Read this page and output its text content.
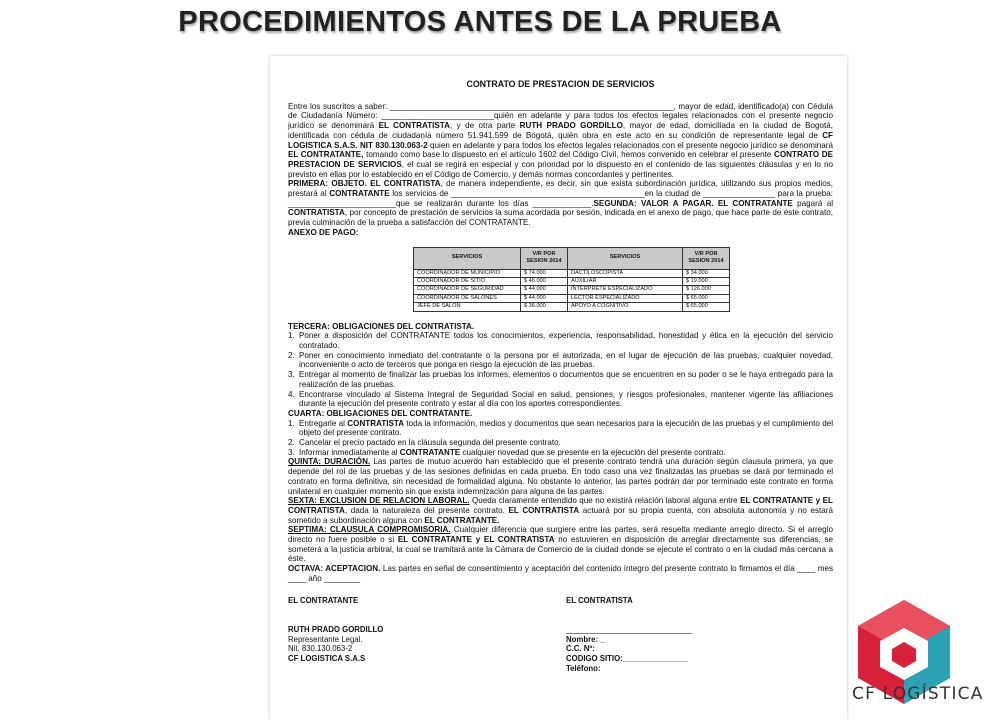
PROCEDIMIENTOS ANTES DE LA PRUEBA
CONTRATO DE PRESTACION DE SERVICIOS

Entre los suscritos a saber: _______________________________________________________________, mayor de edad, identificado(a) con Cédula de Ciudadanía Número: _________________________quién en adelante y para todos los efectos legales relacionados con el presente negocio jurídico se denominará EL CONTRATISTA, y de otra parte RUTH PRADO GORDILLO, mayor de edad, domiciliada en la ciudad de Bogotá, identificada con cédula de ciudadanía número 51.941.599 de Bogotá, quién obra en este acto en su condición de representante legal de CF LOGISTICA S.A.S. NIT 830.130.063-2 quien en adelante y para todos los efectos legales relacionados con el presente negocio jurídico se denominará EL CONTRATANTE, tomando como base lo dispuesto en el artículo 1602 del Código Civil, hemos convenido en celebrar el presente CONTRATO DE PRESTACION DE SERVICIOS, el cual se regirá en especial y con prioridad por lo dispuesto en el contenido de las siguientes cláusulas y en lo no previsto en ellas por lo establecido en el Código de Comercio, y demás normas concordantes y pertinentes.

PRIMERA: OBJETO. EL CONTRATISTA, de manera independiente, es decir, sin que exista subordinación jurídica, utilizando sus propios medios, prestará al CONTRATANTE los servicios de ___________________________________________en la ciudad de ________________ para la prueba: ________________________que se realizarán durante los días _____________.SEGUNDA: VALOR A PAGAR. EL CONTRATANTE pagará al CONTRATISTA, por concepto de prestación de servicios la suma acordada por sesión, indicada en el anexo de pago, que hace parte de éste contrato, previa culminación de la prueba a satisfacción del CONTRATANTE.

ANEXO DE PAGO:

SERVICIOS	V/R POR SESION 2014	SERVICIOS	V/R POR SESION 2014
COORDINADOR DE MUNICIPIO	$ 74.000	DACTILOSCOPISTA	$ 34.000
COORDINADOR DE SITIO	$ 46.000	AUXILIAR	$ 19.000
COORDINADOR DE SEGURIDAD	$ 44.000	INTERPRETE ESPECIALIZADO	$ 126.000
COORDINADOR DE SALONES	$ 44.000	LECTOR ESPECIALIZADO	$ 65.000
JEFE DE SALON	$ 36.000	APOYO A COGNITIVO	$ 65.000

TERCERA: OBLIGACIONES DEL CONTRATISTA.

1. Poner a disposición del CONTRATANTE todos los conocimientos, experiencia, responsabilidad, honestidad y ética en la ejecución del servicio contratado.
2. Poner en conocimiento inmediato del contratante o la persona por el autorizada, en el lugar de ejecución de las pruebas, cualquier novedad, inconveniente o acto de terceros que ponga en riesgo la ejecución de las pruebas.
3. Entregar al momento de finalizar las pruebas los informes, elementos o documentos que se encuentren en su poder o se le haya entregado para la realización de las pruebas.
4. Encontrarse vinculado al Sistema Integral de Seguridad Social en salud, pensiones, y riesgos profesionales, mantener vigente las afiliaciones durante la ejecución del presente contrato y estar al día con los aportes correspondientes.

CUARTA: OBLIGACIONES DEL CONTRATANTE.

1. Entregarle al CONTRATISTA toda la información, medios y documentos que sean necesarios para la ejecución de las pruebas y el cumplimiento del objeto del presente contrato.
2. Cancelar el precio pactado en la cláusula segunda del presente contrato.
3. Informar inmediatamente al CONTRATANTE cualquier novedad que se presente en la ejecución del presente contrato.

QUINTA: DURACIÓN. Las partes de mutuo acuerdo han establecido que el presente contrato tendrá una duración según clausula primera, ya que depende del rol de las pruebas y de las sesiones definidas en cada prueba. En todo caso una vez finalizadas las pruebas se dará por terminado el contrato en forma definitiva, sin necesidad de formalidad alguna. No obstante lo anterior, las partes podrán dar por terminado este contrato en forma unilateral en cualquier momento sin que exista indemnización para alguna de las partes.

SEXTA: EXCLUSION DE RELACION LABORAL. Queda claramente entendido que no existirá relación laboral alguna entre EL CONTRATANTE y EL CONTRATISTA, dada la naturaleza del presente contrato. EL CONTRATISTA actuará por su propia cuenta, con absoluta autonomía y no estará sometido a subordinación alguna con EL CONTRATANTE.

SEPTIMA: CLAUSULA COMPROMISORIA. Cualquier diferencia que surgiere entre las partes, será resuelta mediante arreglo directo. Si el arreglo directo no fuere posible o si EL CONTRATANTE y EL CONTRATISTA no estuvieren en disposición de arreglar directamente sus diferencias, se someterá a la justicia arbitral, la cual se tramitará ante la Cámara de Comercio de la ciudad donde se ejecute el contrato o en la ciudad más cercana a éste.

OCTAVA: ACEPTACION. Las partes en señal de consentimiento y aceptación del contenido íntegro del presente contrato lo firmamos el día ____ mes ____ año ________

EL CONTRATANTE
RUTH PRADO GORDILLO
Representante Legal.
Nit. 830.130.063-2
CF LOGISTICA S.A.S
EL CONTRATISTA
_____________________________
Nombre: _
C.C. Nº:
CODIGO SITIO:_______________
Teléfono:
CF LOGÍSTICA
